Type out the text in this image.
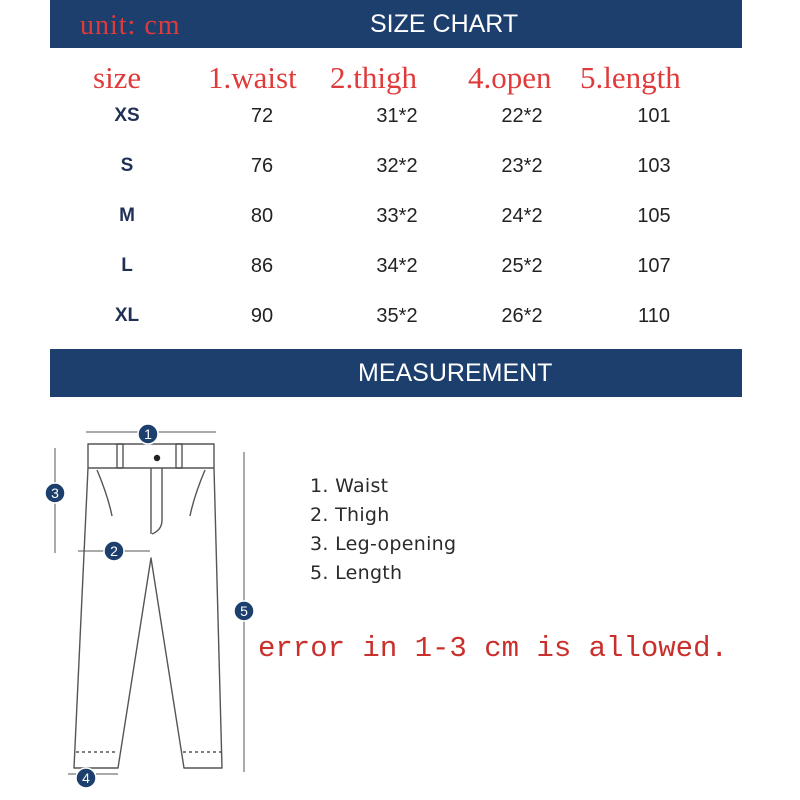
unit: cm	SIZE CHART
size 1.waist 2.thigh 4.open 5.length
XS	72	31*2	22*2	101
S	76	32*2	23*2	103
M	80	33*2	24*2	105
L	86	34*2	25*2	107
XL	90	35*2	26*2	110
MEASUREMENT
1
2
3
4
5
1. Waist
2. Thigh
3. Leg-opening
5. Length
error in 1-3 cm is allowed.
